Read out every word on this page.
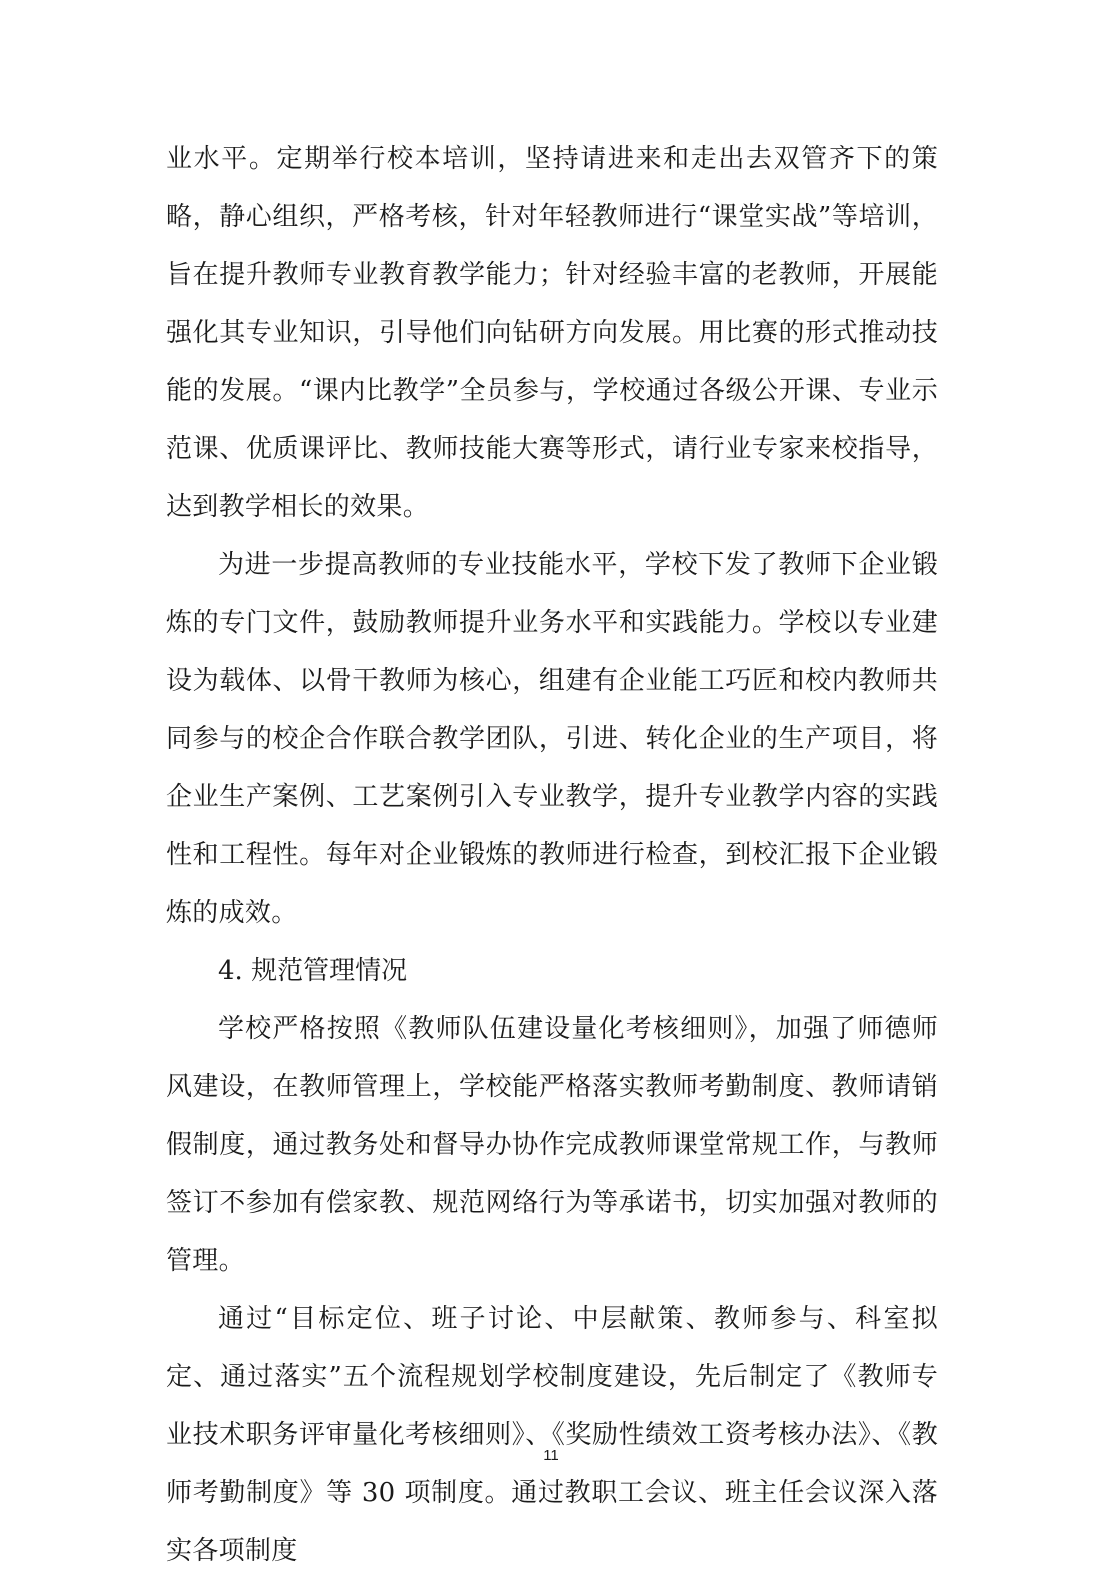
业水平。定期举行校本培训，坚持请进来和走出去双管齐下的策略，静心组织，严格考核，针对年轻教师进行“课堂实战”等培训，旨在提升教师专业教育教学能力；针对经验丰富的老教师，开展能强化其专业知识，引导他们向钻研方向发展。用比赛的形式推动技能的发展。“课内比教学”全员参与，学校通过各级公开课、专业示范课、优质课评比、教师技能大赛等形式，请行业专家来校指导，达到教学相长的效果。

为进一步提高教师的专业技能水平，学校下发了教师下企业锻炼的专门文件，鼓励教师提升业务水平和实践能力。学校以专业建设为载体、以骨干教师为核心，组建有企业能工巧匠和校内教师共同参与的校企合作联合教学团队，引进、转化企业的生产项目，将企业生产案例、工艺案例引入专业教学，提升专业教学内容的实践性和工程性。每年对企业锻炼的教师进行检查，到校汇报下企业锻炼的成效。

4. 规范管理情况

学校严格按照《教师队伍建设量化考核细则》，加强了师德师风建设，在教师管理上，学校能严格落实教师考勤制度、教师请销假制度，通过教务处和督导办协作完成教师课堂常规工作，与教师签订不参加有偿家教、规范网络行为等承诺书，切实加强对教师的管理。

通过“目标定位、班子讨论、中层献策、教师参与、科室拟定、通过落实”五个流程规划学校制度建设，先后制定了《教师专业技术职务评审量化考核细则》、《奖励性绩效工资考核办法》、《教师考勤制度》等 30 项制度。通过教职工会议、班主任会议深入落实各项制度

11
